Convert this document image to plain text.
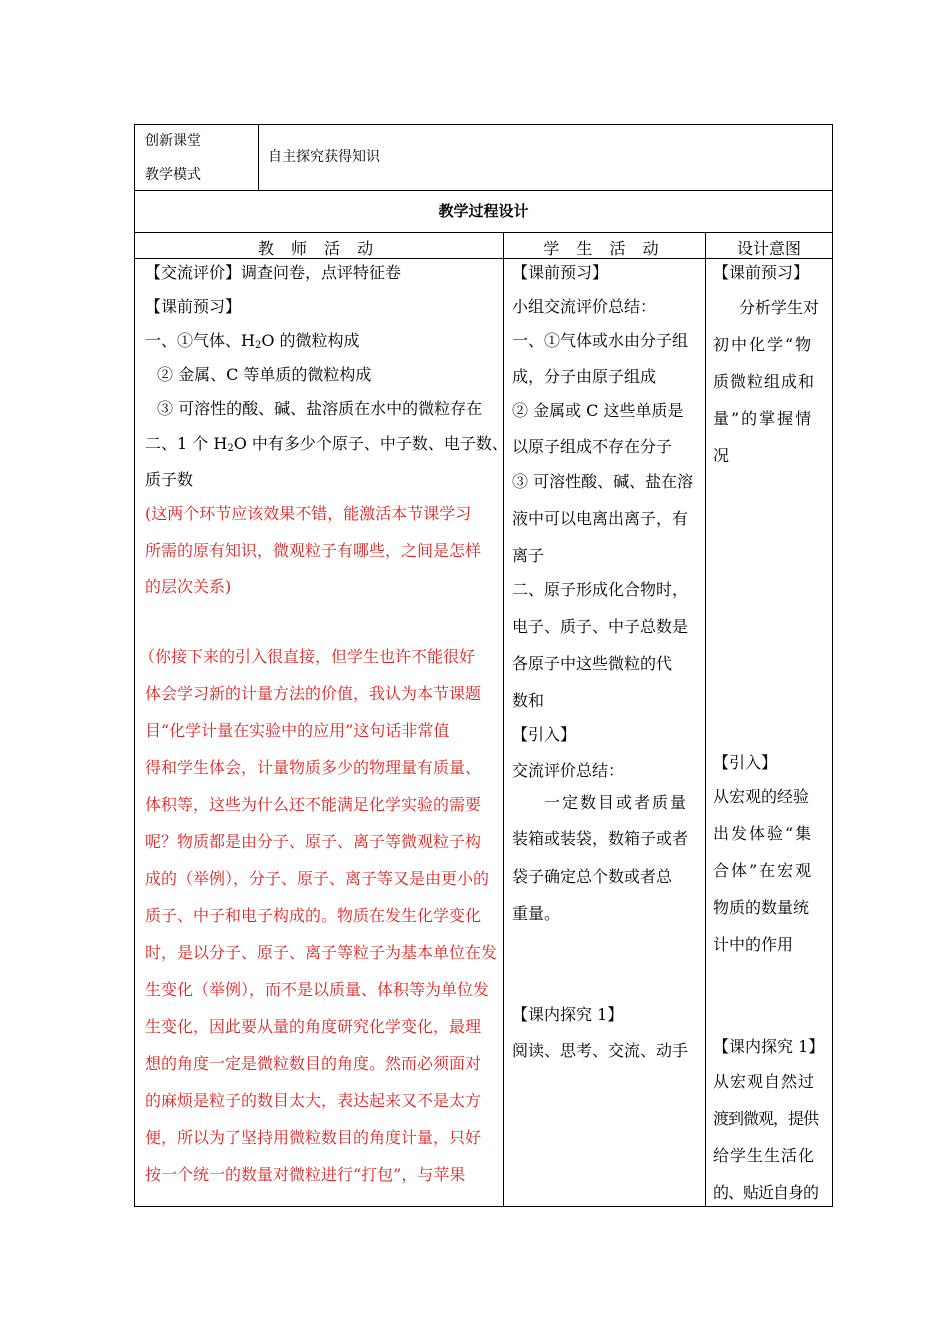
创新课堂
教学模式
自主探究获得知识
教学过程设计
教 师 活 动	学 生 活 动	设计意图
【交流评价】调查问卷，点评特征卷
【课前预习】
一、①气体、$H_2O$ 的微粒构成
② 金属、C 等单质的微粒构成
③ 可溶性的酸、碱、盐溶质在水中的微粒存在
二、1 个 $H_2O$ 中有多少个原子、中子数、电子数、
质子数
(这两个环节应该效果不错，能激活本节课学习
所需的原有知识，微观粒子有哪些，之间是怎样
的层次关系)
（你接下来的引入很直接，但学生也许不能很好
体会学习新的计量方法的价值，我认为本节课题
目“化学计量在实验中的应用”这句话非常值
得和学生体会，计量物质多少的物理量有质量、
体积等，这些为什么还不能满足化学实验的需要
呢？物质都是由分子、原子、离子等微观粒子构
成的（举例），分子、原子、离子等又是由更小的
质子、中子和电子构成的。物质在发生化学变化
时，是以分子、原子、离子等粒子为基本单位在发
生变化（举例），而不是以质量、体积等为单位发
生变化，因此要从量的角度研究化学变化，最理
想的角度一定是微粒数目的角度。然而必须面对
的麻烦是粒子的数目太大，表达起来又不是太方
便，所以为了坚持用微粒数目的角度计量，只好
按一个统一的数量对微粒进行“打包”，与苹果
【课前预习】
小组交流评价总结：
一、①气体或水由分子组
成，分子由原子组成
② 金属或 C 这些单质是
以原子组成不存在分子
③ 可溶性酸、碱、盐在溶
液中可以电离出离子，有
离子
二、原子形成化合物时，
电子、质子、中子总数是
各原子中这些微粒的代
数和
【引入】
交流评价总结：
一定数目或者质量
装箱或装袋，数箱子或者
袋子确定总个数或者总
重量。
【课内探究 1】
阅读、思考、交流、动手
【课前预习】
分析学生对
初中化学“物
质微粒组成和
量”的掌握情
况
【引入】
从宏观的经验
出发体验“集
合体”在宏观
物质的数量统
计中的作用
【课内探究 1】
从宏观自然过
渡到微观，提供
给学生生活化
的、贴近自身的
